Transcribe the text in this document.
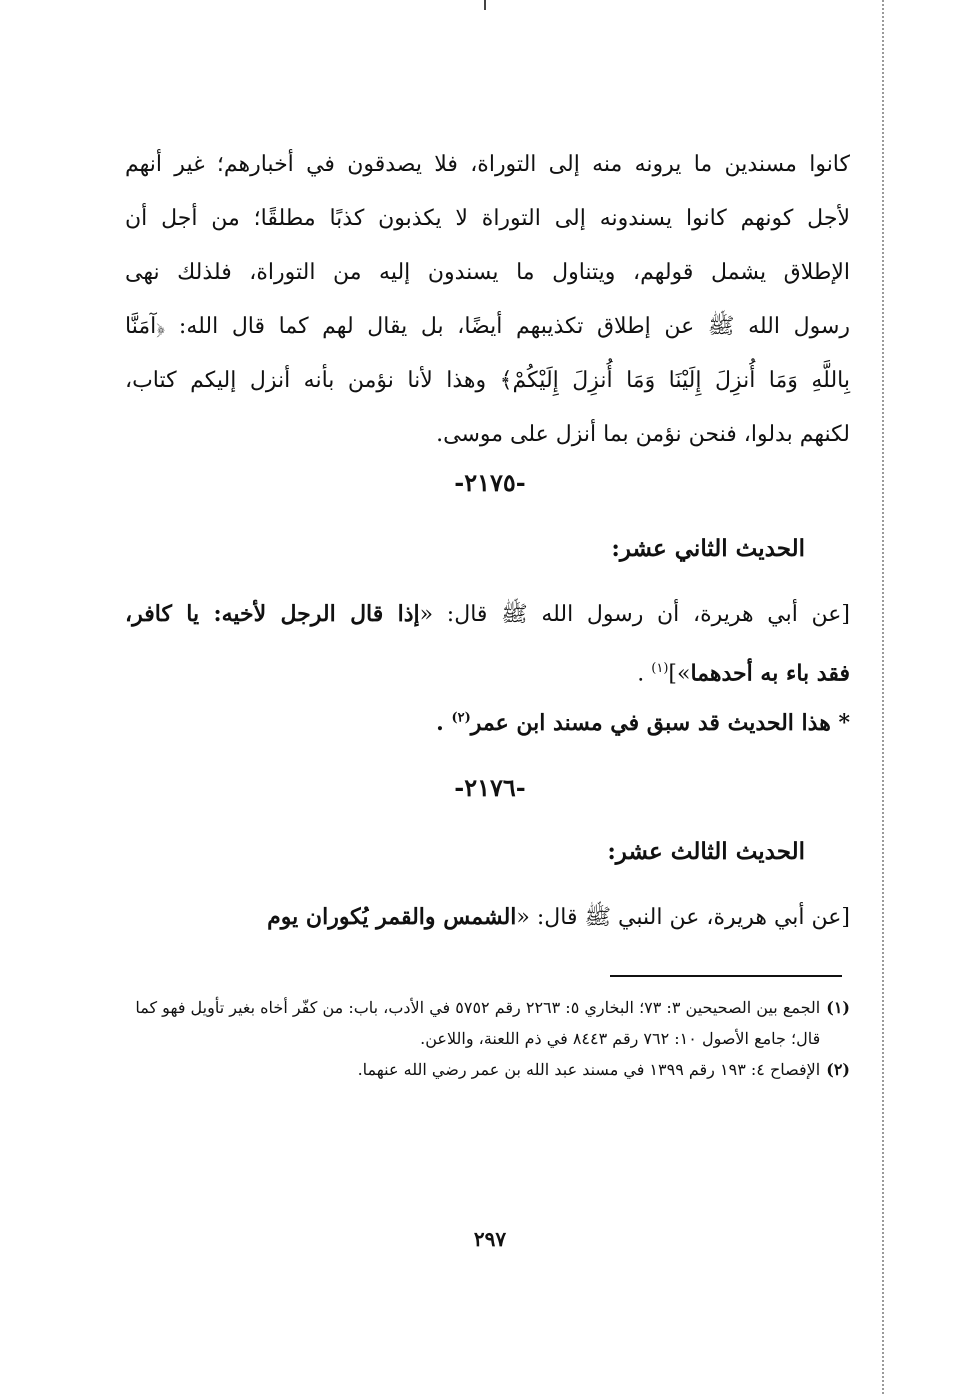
كانوا مسندين ما يرونه منه إلى التوراة، فلا يصدقون في أخبارهم؛ غير أنهم
لأجل كونهم كانوا يسندونه إلى التوراة لا يكذبون كذبًا مطلقًا؛ من أجل أن
الإطلاق يشمل قولهم، ويتناول ما يسندون إليه من التوراة، فلذلك نهى
رسول الله ﷺ عن إطلاق تكذيبهم أيضًا، بل يقال لهم كما قال الله: ﴿آمَنَّا
بِاللَّهِ وَمَا أُنزِلَ إِلَيْنَا وَمَا أُنزِلَ إِلَيْكُمْ﴾ وهذا لأنا نؤمن بأنه أنزل إليكم كتاب،
لكنهم بدلوا، فنحن نؤمن بما أنزل على موسى.
-٢١٧٥-
الحديث الثاني عشر:
[عن أبي هريرة، أن رسول الله ﷺ قال: «إذا قال الرجل لأخيه: يا كافر،
فقد باء به أحدهما»]$^{(١)}$ .
* هذا الحديث قد سبق في مسند ابن عمر$^{(٢)}$ .
-٢١٧٦-
الحديث الثالث عشر:
[عن أبي هريرة، عن النبي ﷺ قال: «الشمس والقمر يُكوران يوم
(١)
الجمع بين الصحيحين ٣: ٧٣؛ البخاري ٥: ٢٢٦٣ رقم ٥٧٥٢ في الأدب، باب: من كفّر أخاه بغير تأويل فهو كما قال؛ جامع الأصول ١٠: ٧٦٢ رقم ٨٤٤٣ في ذم اللعنة، واللاعن.
(٢)
الإفصاح ٤: ١٩٣ رقم ١٣٩٩ في مسند عبد الله بن عمر رضي الله عنهما.
٢٩٧
